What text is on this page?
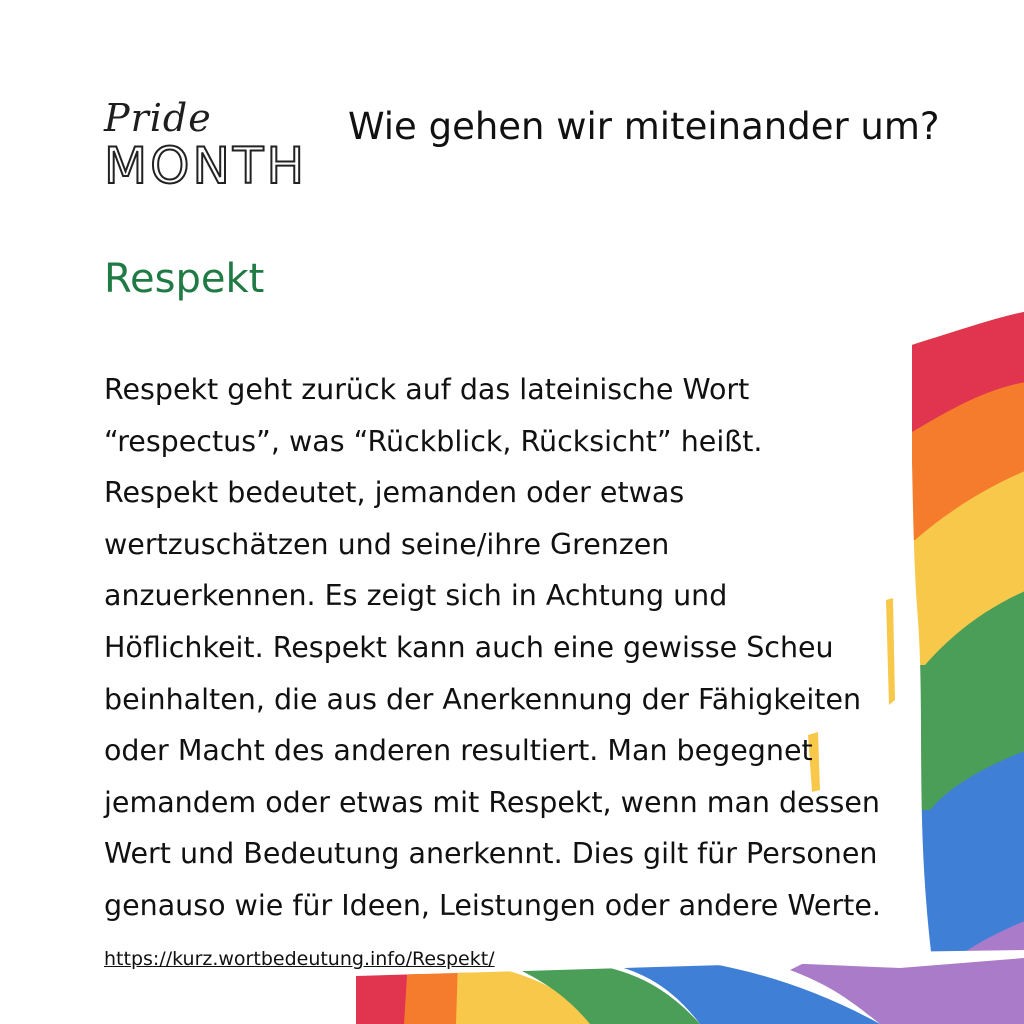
Pride
MONTH
Wie gehen wir miteinander um?
Respekt

Respekt geht zurück auf das lateinische Wort
“respectus”, was “Rückblick, Rücksicht” heißt.
Respekt bedeutet, jemanden oder etwas
wertzuschätzen und seine/ihre Grenzen
anzuerkennen. Es zeigt sich in Achtung und
Höflichkeit. Respekt kann auch eine gewisse Scheu
beinhalten, die aus der Anerkennung der Fähigkeiten
oder Macht des anderen resultiert. Man begegnet
jemandem oder etwas mit Respekt, wenn man dessen
Wert und Bedeutung anerkennt. Dies gilt für Personen
genauso wie für Ideen, Leistungen oder andere Werte.

https://kurz.wortbedeutung.info/Respekt/
